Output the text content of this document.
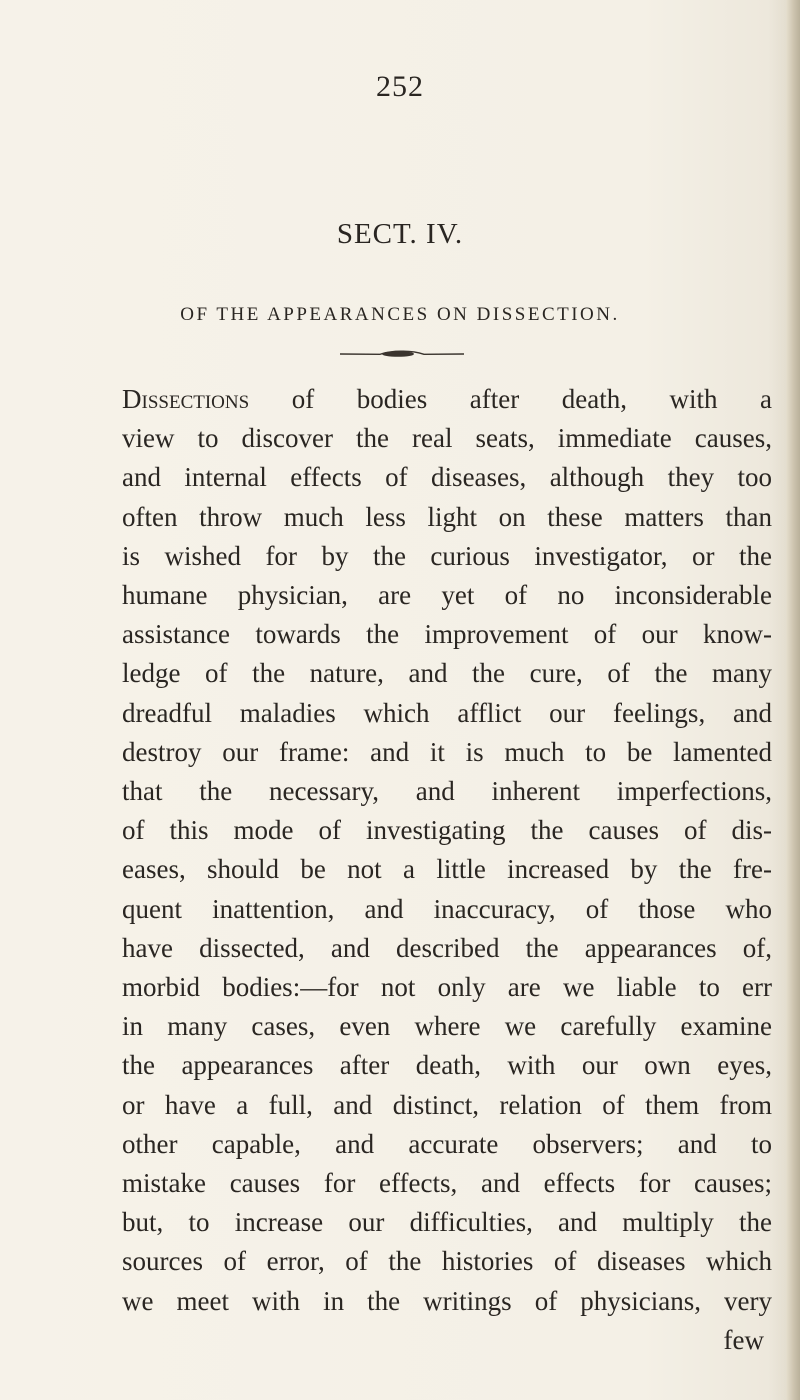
252
SECT. IV.
OF THE APPEARANCES ON DISSECTION.
Dissections of bodies after death, with a
view to discover the real seats, immediate causes,
and internal effects of diseases, although they too
often throw much less light on these matters than
is wished for by the curious investigator, or the
humane physician, are yet of no inconsiderable
assistance towards the improvement of our know-
ledge of the nature, and the cure, of the many
dreadful maladies which afflict our feelings, and
destroy our frame: and it is much to be lamented
that the necessary, and inherent imperfections,
of this mode of investigating the causes of dis-
eases, should be not a little increased by the fre-
quent inattention, and inaccuracy, of those who
have dissected, and described the appearances of,
morbid bodies:—for not only are we liable to err
in many cases, even where we carefully examine
the appearances after death, with our own eyes,
or have a full, and distinct, relation of them from
other capable, and accurate observers; and to
mistake causes for effects, and effects for causes;
but, to increase our difficulties, and multiply the
sources of error, of the histories of diseases which
we meet with in the writings of physicians, very
few
